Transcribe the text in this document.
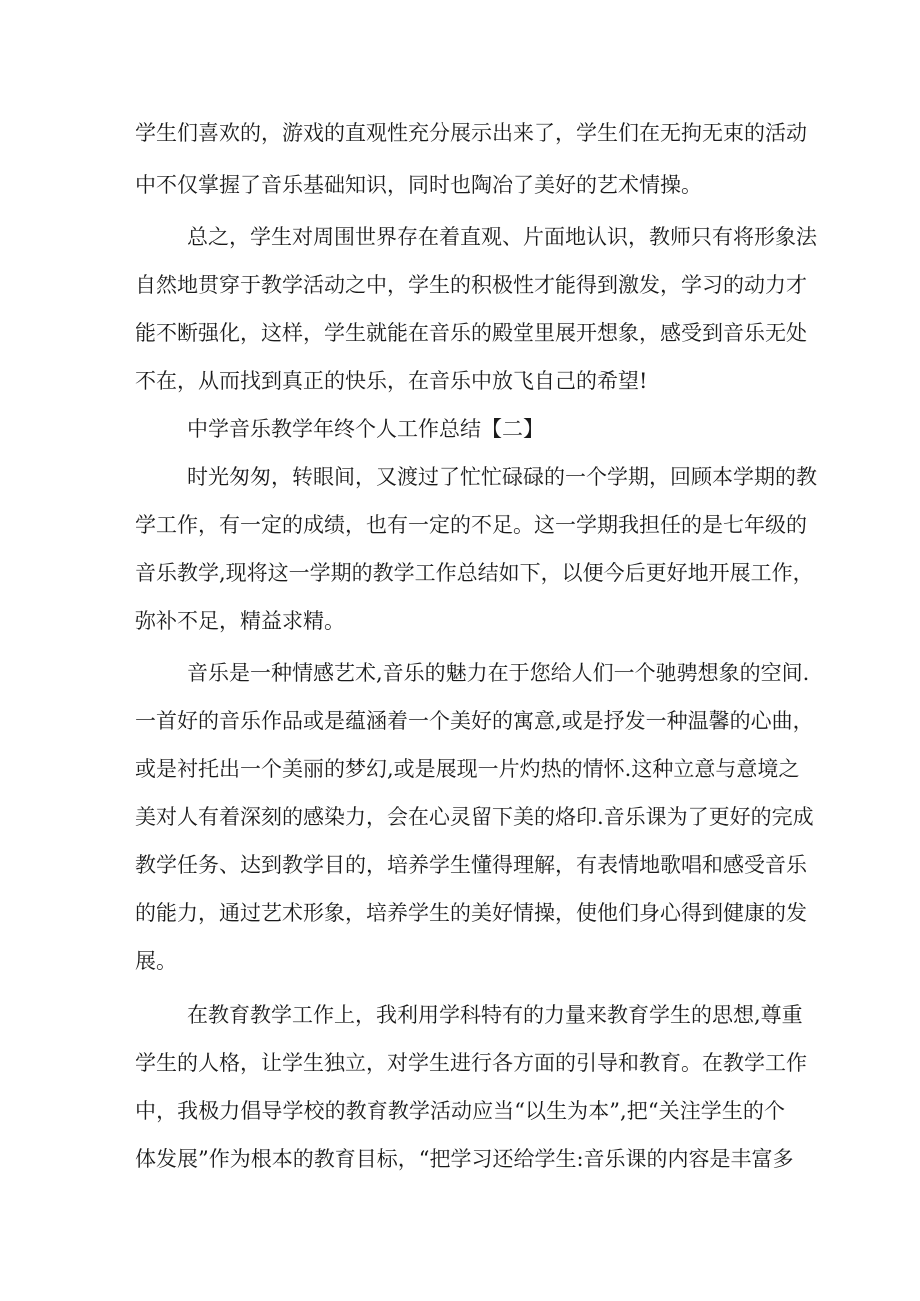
学生们喜欢的，游戏的直观性充分展示出来了，学生们在无拘无束的活动
中不仅掌握了音乐基础知识，同时也陶冶了美好的艺术情操。
总之，学生对周围世界存在着直观、片面地认识，教师只有将形象法
自然地贯穿于教学活动之中，学生的积极性才能得到激发，学习的动力才
能不断强化，这样，学生就能在音乐的殿堂里展开想象，感受到音乐无处
不在，从而找到真正的快乐，在音乐中放飞自己的希望!
中学音乐教学年终个人工作总结【二】
时光匆匆，转眼间，又渡过了忙忙碌碌的一个学期，回顾本学期的教
学工作，有一定的成绩，也有一定的不足。这一学期我担任的是七年级的
音乐教学,现将这一学期的教学工作总结如下，以便今后更好地开展工作，
弥补不足，精益求精。
音乐是一种情感艺术,音乐的魅力在于您给人们一个驰骋想象的空间.
一首好的音乐作品或是蕴涵着一个美好的寓意,或是抒发一种温馨的心曲，
或是衬托出一个美丽的梦幻,或是展现一片灼热的情怀.这种立意与意境之
美对人有着深刻的感染力，会在心灵留下美的烙印.音乐课为了更好的完成
教学任务、达到教学目的，培养学生懂得理解，有表情地歌唱和感受音乐
的能力，通过艺术形象，培养学生的美好情操，使他们身心得到健康的发
展。
在教育教学工作上，我利用学科特有的力量来教育学生的思想,尊重
学生的人格，让学生独立，对学生进行各方面的引导和教育。在教学工作
中，我极力倡导学校的教育教学活动应当“以生为本”,把“关注学生的个
体发展”作为根本的教育目标，“把学习还给学生:音乐课的内容是丰富多
